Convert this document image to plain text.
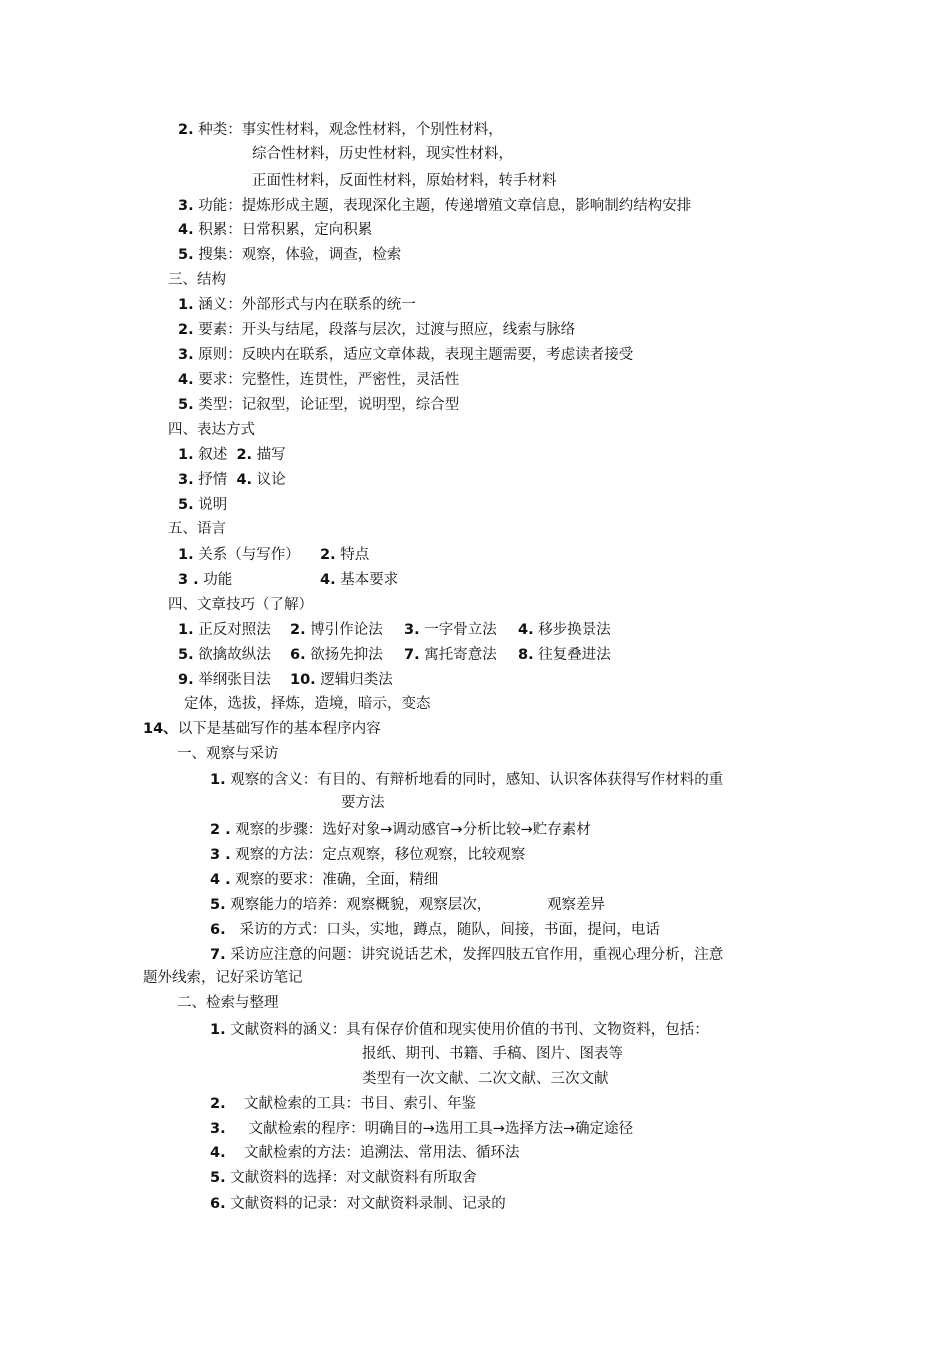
2. 种类：事实性材料，观念性材料，个别性材料，
综合性材料，历史性材料，现实性材料，
正面性材料，反面性材料，原始材料，转手材料
3. 功能：提炼形成主题，表现深化主题，传递增殖文章信息，影响制约结构安排
4. 积累：日常积累，定向积累
5. 搜集：观察，体验，调查，检索
三、结构
1. 涵义：外部形式与内在联系的统一
2. 要素：开头与结尾，段落与层次，过渡与照应，线索与脉络
3. 原则：反映内在联系，适应文章体裁，表现主题需要，考虑读者接受
4. 要求：完整性，连贯性，严密性，灵活性
5. 类型：记叙型，论证型，说明型，综合型
四、表达方式
1. 叙述 2. 描写
3. 抒情 4. 议论
5. 说明
五、语言
1. 关系（与写作） 2. 特点
3 . 功能	4. 基本要求
四、文章技巧（了解）
1. 正反对照法 2. 博引作论法 3. 一字骨立法 4. 移步换景法
5. 欲擒故纵法 6. 欲扬先抑法 7. 寓托寄意法 8. 往复叠进法
9. 举纲张目法 10. 逻辑归类法
定体，选拔，择炼，造境，暗示，变态
14、以下是基础写作的基本程序内容
一、观察与采访
1. 观察的含义：有目的、有辩析地看的同时，感知、认识客体获得写作材料的重
要方法
2 . 观察的步骤：选好对象→调动感官→分析比较→贮存素材
3 . 观察的方法：定点观察，移位观察，比较观察
4 . 观察的要求：准确，全面，精细
5. 观察能力的培养：观察概貌，观察层次，	观察差异
6. 采访的方式：口头，实地，蹲点，随队，间接，书面，提问，电话
7. 采访应注意的问题：讲究说话艺术，发挥四肢五官作用，重视心理分析，注意
题外线索，记好采访笔记
二、检索与整理
1. 文献资料的涵义：具有保存价值和现实使用价值的书刊、文物资料，包括：
报纸、期刊、书籍、手稿、图片、图表等
类型有一次文献、二次文献、三次文献
2. 文献检索的工具：书目、索引、年鉴
3. 文献检索的程序：明确目的→选用工具→选择方法→确定途径
4. 文献检索的方法：追溯法、常用法、循环法
5. 文献资料的选择：对文献资料有所取舍
6. 文献资料的记录：对文献资料录制、记录的
